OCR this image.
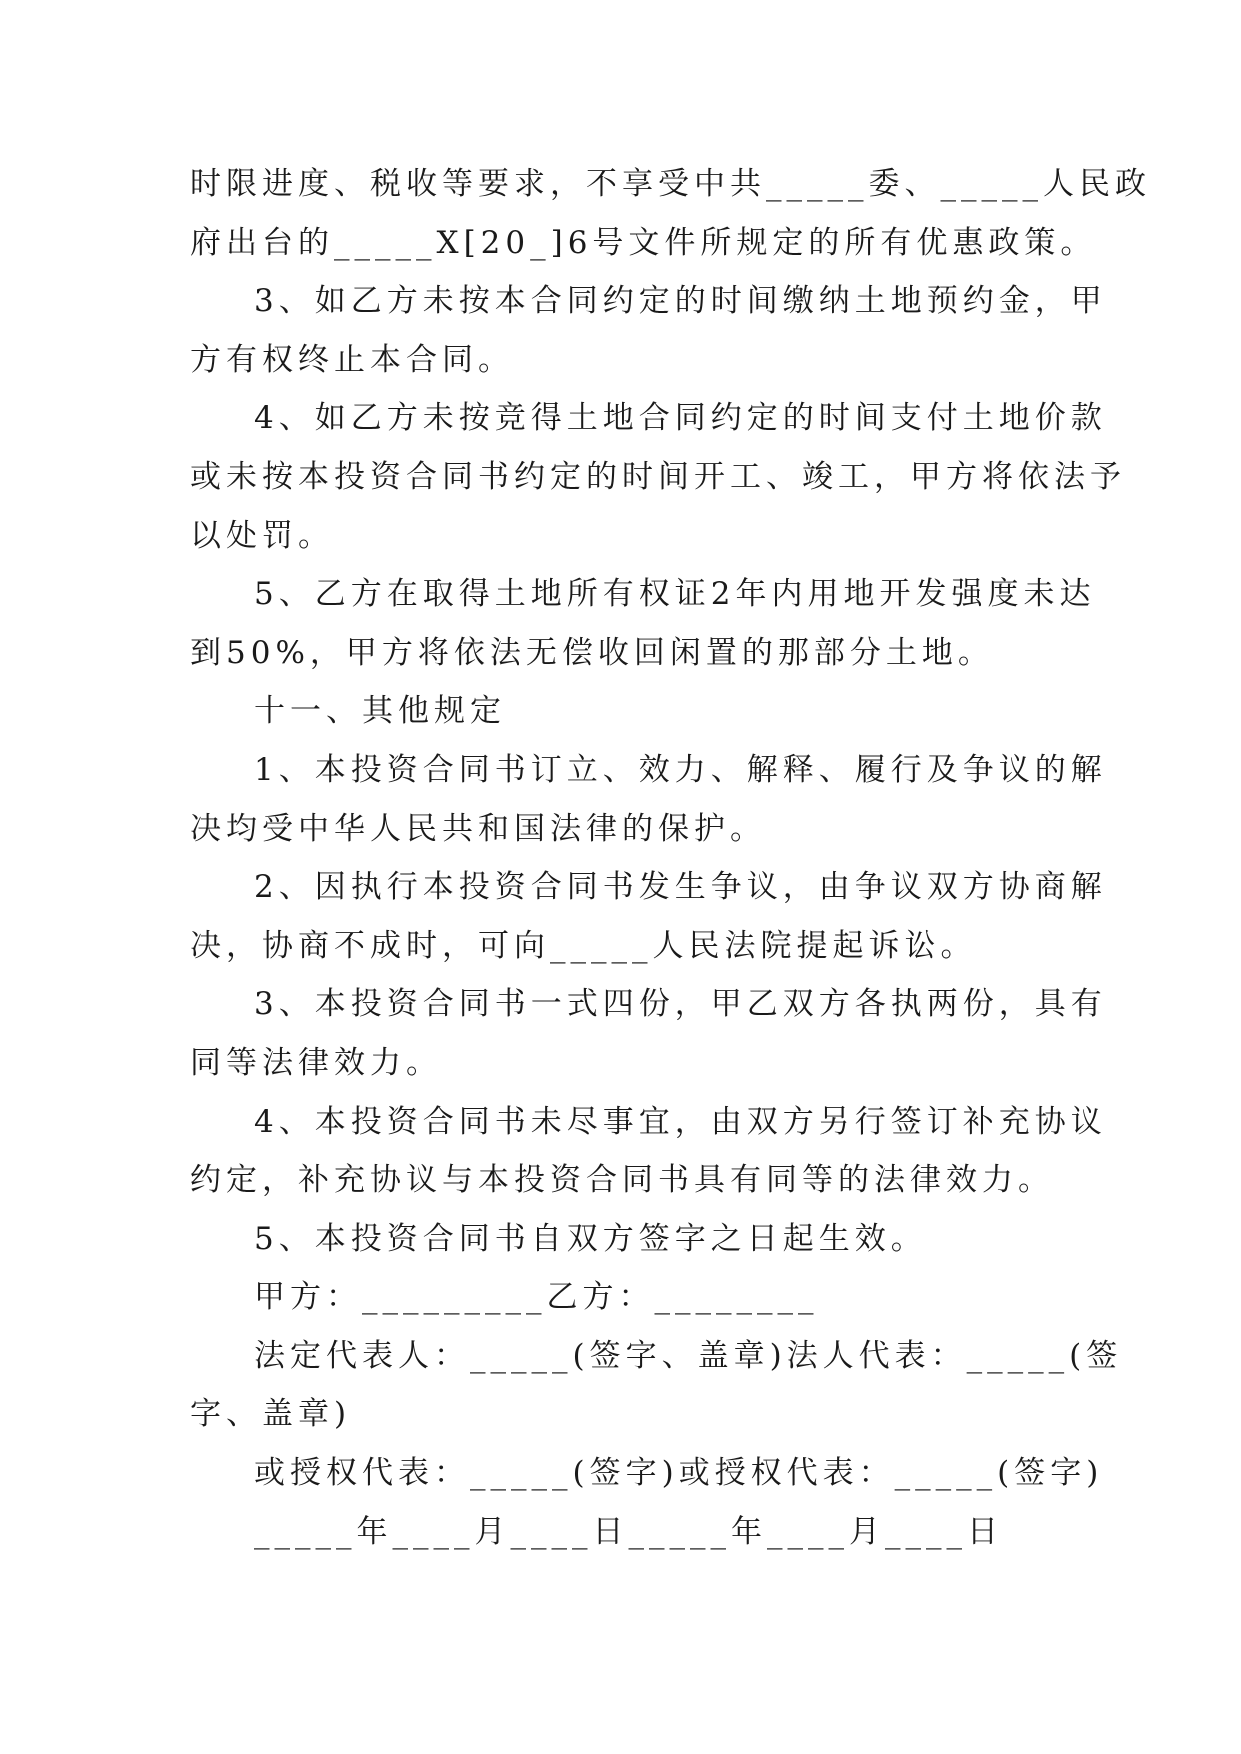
时限进度、税收等要求，不享受中共_____委、_____人民政
府出台的_____X[20_]6号文件所规定的所有优惠政策。
3、如乙方未按本合同约定的时间缴纳土地预约金，甲
方有权终止本合同。
4、如乙方未按竞得土地合同约定的时间支付土地价款
或未按本投资合同书约定的时间开工、竣工，甲方将依法予
以处罚。
5、乙方在取得土地所有权证2年内用地开发强度未达
到50%，甲方将依法无偿收回闲置的那部分土地。
十一、其他规定
1、本投资合同书订立、效力、解释、履行及争议的解
决均受中华人民共和国法律的保护。
2、因执行本投资合同书发生争议，由争议双方协商解
决，协商不成时，可向_____人民法院提起诉讼。
3、本投资合同书一式四份，甲乙双方各执两份，具有
同等法律效力。
4、本投资合同书未尽事宜，由双方另行签订补充协议
约定，补充协议与本投资合同书具有同等的法律效力。
5、本投资合同书自双方签字之日起生效。
甲方：_________乙方：________
法定代表人：_____(签字、盖章)法人代表：_____(签
字、盖章)
或授权代表：_____(签字)或授权代表：_____(签字)
_____年____月____日_____年____月____日
